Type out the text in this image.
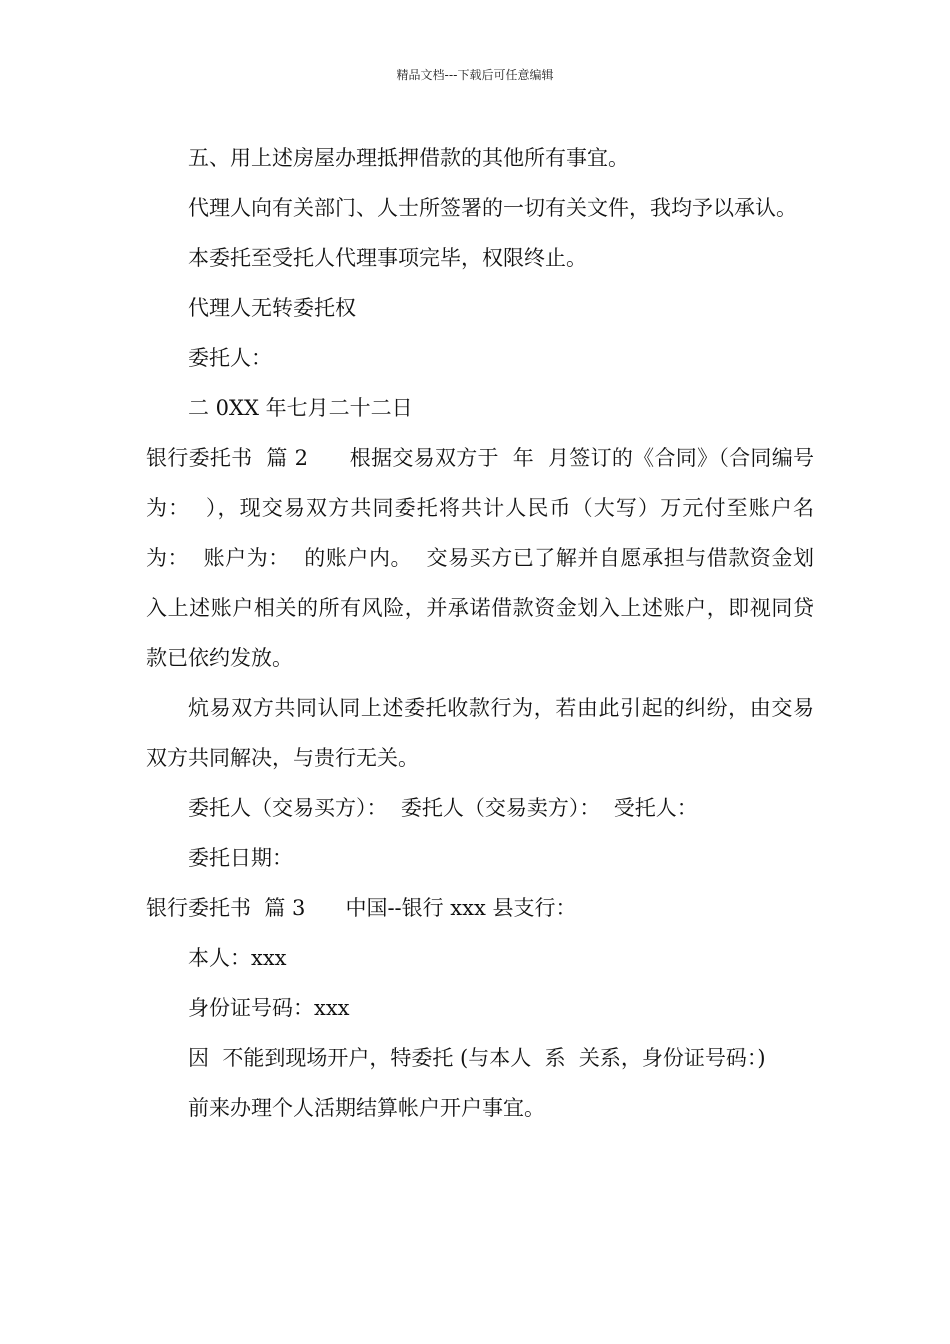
精品文档---下载后可任意编辑

五、用上述房屋办理抵押借款的其他所有事宜。

代理人向有关部门、人士所签署的一切有关文件，我均予以承认。

本委托至受托人代理事项完毕，权限终止。

代理人无转委托权

委托人：

二 0XX 年七月二十二日

银行委托书  篇 2      根据交易双方于  年  月签订的《合同》（合同编号为：  ），现交易双方共同委托将共计人民币（大写）万元付至账户名为：  账户为：  的账户内。  交易买方已了解并自愿承担与借款资金划入上述账户相关的所有风险，并承诺借款资金划入上述账户，即视同贷款已依约发放。

炕易双方共同认同上述委托收款行为，若由此引起的纠纷，由交易双方共同解决，与贵行无关。

委托人（交易买方）：  委托人（交易卖方）：  受托人：

委托日期：

银行委托书  篇 3      中国--银行 xxx 县支行：

本人：xxx

身份证号码：xxx

因  不能到现场开户，特委托 (与本人  系  关系，身份证号码：)

前来办理个人活期结算帐户开户事宜。
